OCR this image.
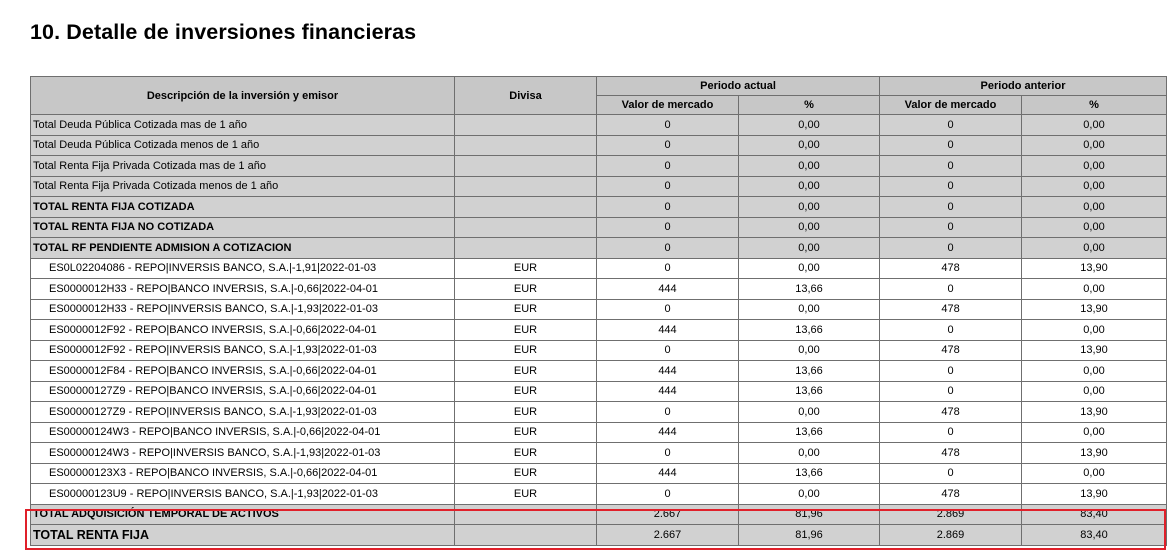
10. Detalle de inversiones financieras
Descripción de la inversión y emisor	Divisa	Periodo actual		Periodo anterior	
		Valor de mercado	%	Valor de mercado	%
Total Deuda Pública Cotizada mas de 1 año		0	0,00	0	0,00
Total Deuda Pública Cotizada menos de 1 año		0	0,00	0	0,00
Total Renta Fija Privada Cotizada mas de 1 año		0	0,00	0	0,00
Total Renta Fija Privada Cotizada menos de 1 año		0	0,00	0	0,00
TOTAL RENTA FIJA COTIZADA		0	0,00	0	0,00
TOTAL RENTA FIJA NO COTIZADA		0	0,00	0	0,00
TOTAL RF PENDIENTE ADMISION A COTIZACION		0	0,00	0	0,00
ES0L02204086 - REPO|INVERSIS BANCO, S.A.|-1,91|2022-01-03	EUR	0	0,00	478	13,90
ES0000012H33 - REPO|BANCO INVERSIS, S.A.|-0,66|2022-04-01	EUR	444	13,66	0	0,00
ES0000012H33 - REPO|INVERSIS BANCO, S.A.|-1,93|2022-01-03	EUR	0	0,00	478	13,90
ES0000012F92 - REPO|BANCO INVERSIS, S.A.|-0,66|2022-04-01	EUR	444	13,66	0	0,00
ES0000012F92 - REPO|INVERSIS BANCO, S.A.|-1,93|2022-01-03	EUR	0	0,00	478	13,90
ES0000012F84 - REPO|BANCO INVERSIS, S.A.|-0,66|2022-04-01	EUR	444	13,66	0	0,00
ES00000127Z9 - REPO|BANCO INVERSIS, S.A.|-0,66|2022-04-01	EUR	444	13,66	0	0,00
ES00000127Z9 - REPO|INVERSIS BANCO, S.A.|-1,93|2022-01-03	EUR	0	0,00	478	13,90
ES00000124W3 - REPO|BANCO INVERSIS, S.A.|-0,66|2022-04-01	EUR	444	13,66	0	0,00
ES00000124W3 - REPO|INVERSIS BANCO, S.A.|-1,93|2022-01-03	EUR	0	0,00	478	13,90
ES00000123X3 - REPO|BANCO INVERSIS, S.A.|-0,66|2022-04-01	EUR	444	13,66	0	0,00
ES00000123U9 - REPO|INVERSIS BANCO, S.A.|-1,93|2022-01-03	EUR	0	0,00	478	13,90
TOTAL ADQUISICIÓN TEMPORAL DE ACTIVOS		2.667	81,96	2.869	83,40
TOTAL RENTA FIJA		2.667	81,96	2.869	83,40
